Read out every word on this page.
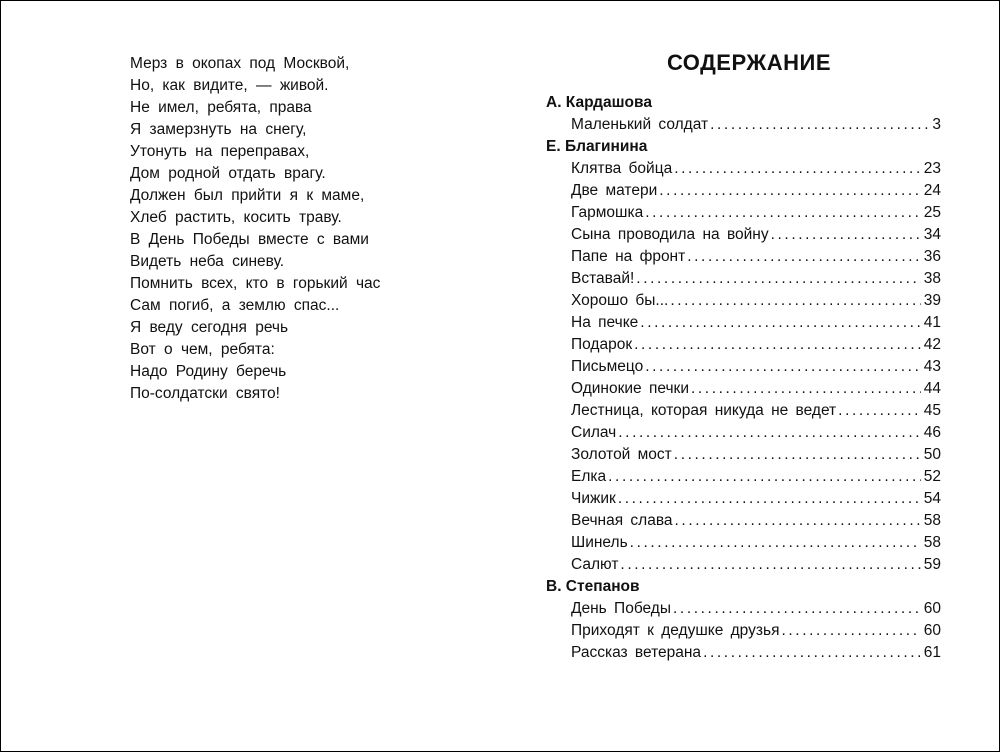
Мерз в окопах под Москвой,
Но, как видите, — живой.
Не имел, ребята, права
Я замерзнуть на снегу,
Утонуть на переправах,
Дом родной отдать врагу.
Должен был прийти я к маме,
Хлеб растить, косить траву.
В День Победы вместе с вами
Видеть неба синеву.
Помнить всех, кто в горький час
Сам погиб, а землю спас...
Я веду сегодня речь
Вот о чем, ребята:
Надо Родину беречь
По-солдатски свято!
СОДЕРЖАНИЕ
А. Кардашова
Маленький солдат .....	3
Е. Благинина
Клятва бойца .....	23
Две матери .....	24
Гармошка .....	25
Сына проводила на войну .....	34
Папе на фронт .....	36
Вставай! .....	38
Хорошо бы... .....	39
На печке .....	41
Подарок .....	42
Письмецо .....	43
Одинокие печки .....	44
Лестница, которая никуда не ведет .....	45
Силач .....	46
Золотой мост .....	50
Елка .....	52
Чижик .....	54
Вечная слава .....	58
Шинель .....	58
Салют .....	59
В. Степанов
День Победы .....	60
Приходят к дедушке друзья .....	60
Рассказ ветерана .....	61
